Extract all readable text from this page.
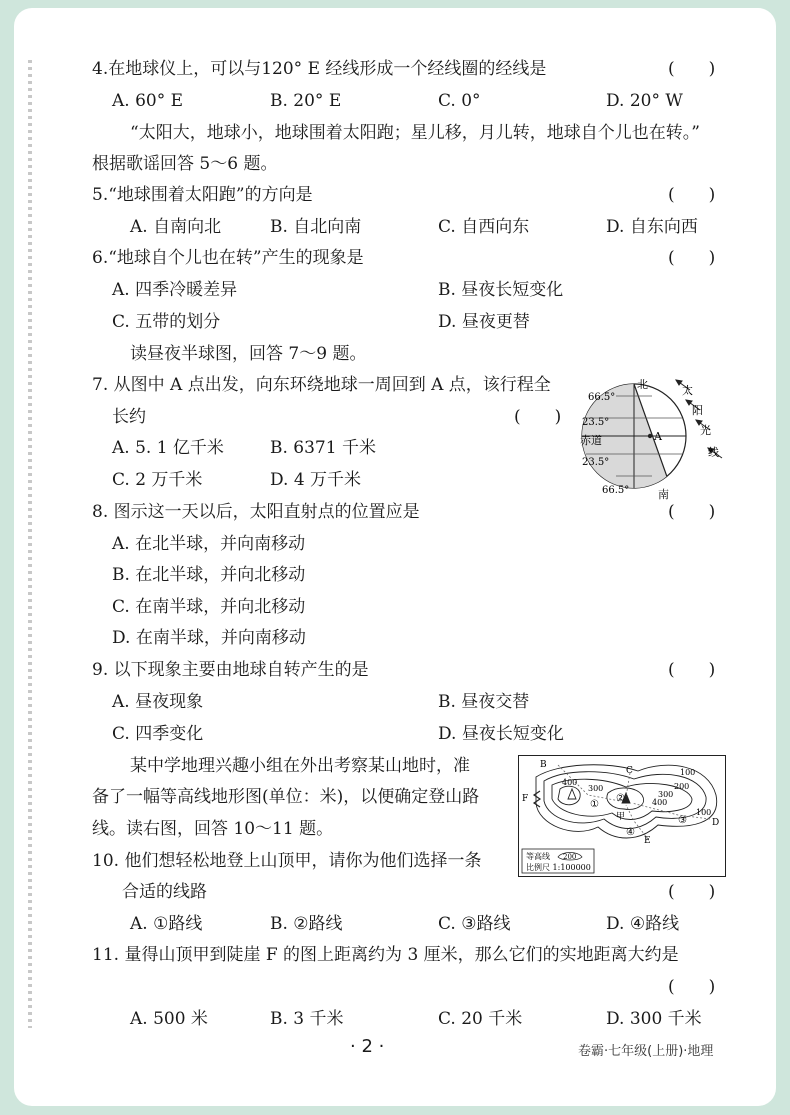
4.在地球仪上，可以与120° E 经线形成一个经线圈的经线是	(　　)
A. 60° E	B. 20° E	C. 0°	D. 20° W
“太阳大，地球小，地球围着太阳跑；星儿移，月儿转，地球自个儿也在转。”
根据歌谣回答 5～6 题。
5.“地球围着太阳跑”的方向是	(　　)
A. 自南向北	B. 自北向南	C. 自西向东	D. 自东向西
6.“地球自个儿也在转”产生的现象是	(　　)
A. 四季冷暖差异	B. 昼夜长短变化
C. 五带的划分	D. 昼夜更替
读昼夜半球图，回答 7～9 题。
7. 从图中 A 点出发，向东环绕地球一周回到 A 点，该行程全
长约	(　　)
A. 5. 1 亿千米	B. 6371 千米
C. 2 万千米	D. 4 万千米
A
北
南
66.5°
23.5°
赤道
23.5°
66.5°
太
阳
光
线
8. 图示这一天以后，太阳直射点的位置应是	(　　)
A. 在北半球，并向南移动
B. 在北半球，并向北移动
C. 在南半球，并向北移动
D. 在南半球，并向南移动
9. 以下现象主要由地球自转产生的是	(　　)
A. 昼夜现象	B. 昼夜交替
C. 四季变化	D. 昼夜长短变化
某中学地理兴趣小组在外出考察某山地时，准
备了一幅等高线地形图(单位：米)，以便确定登山路
线。读右图，回答 10～11 题。
B
C
D
E
F
100
200
300
400
400
300
100
甲
①
②
③
④
等高线 200
比例尺 1:100000
10. 他们想轻松地登上山顶甲，请你为他们选择一条
合适的线路	(　　)
A. ①路线	B. ②路线	C. ③路线	D. ④路线
11. 量得山顶甲到陡崖 F 的图上距离约为 3 厘米，那么它们的实地距离大约是
(　　)
A. 500 米	B. 3 千米	C. 20 千米	D. 300 千米
· 2 ·	卷霸·七年级(上册)·地理
